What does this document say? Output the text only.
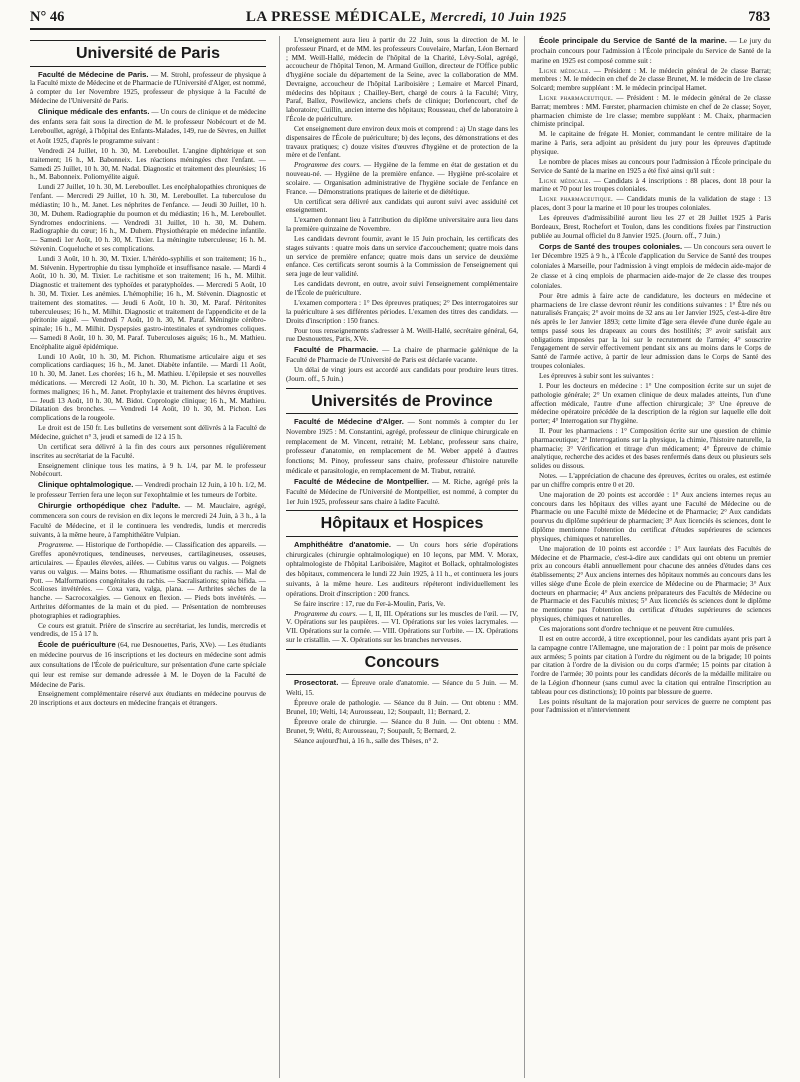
N° 46	LA PRESSE MÉDICALE, Mercredi, 10 Juin 1925	783
Université de Paris

Faculté de Médecine de Paris. — M. Strohl, professeur de physique à la Faculté mixte de Médecine et de Pharmacie de l'Université d'Alger, est nommé, à compter du 1er Novembre 1925, professeur de physique à la Faculté de Médecine de l'Université de Paris.

Clinique médicale des enfants. — Un cours de clinique et de médecine des enfants sera fait sous la direction de M. le professeur Nobécourt et de M. Lereboullet, agrégé, à l'hôpital des Enfants-Malades, 149, rue de Sèvres, en Juillet et Août 1925, d'après le programme suivant :

Vendredi 24 Juillet, 10 h. 30, M. Lereboullet. L'angine diphtérique et son traitement; 16 h., M. Babonneix. Les réactions méningées chez l'enfant. — Samedi 25 Juillet, 10 h. 30, M. Nadal. Diagnostic et traitement des pleurésies; 16 h., M. Babonneix. Poliomyélite aiguë.

Lundi 27 Juillet, 10 h. 30, M. Lereboullet. Les encéphalopathies chroniques de l'enfant. — Mercredi 29 Juillet, 10 h. 30, M. Lereboullet. La tuberculose du médiastin; 10 h., M. Janet. Les néphrites de l'enfance. — Jeudi 30 Juillet, 10 h. 30, M. Duhem. Radiographie du poumon et du médiastin; 16 h., M. Lereboullet. Syndromes endocriniens. — Vendredi 31 Juillet, 10 h. 30, M. Duhem. Radiographie du cœur; 16 h., M. Duhem. Physiothérapie en médecine infantile. — Samedi 1er Août, 10 h. 30, M. Tixier. La méningite tuberculeuse; 16 h. M. Stévenin. Coqueluche et ses complications.

Lundi 3 Août, 10 h. 30, M. Tixier. L'hérédo-syphilis et son traitement; 16 h., M. Stévenin. Hypertrophie du tissu lymphoïde et insuffisance nasale. — Mardi 4 Août, 10 h. 30, M. Tixier. Le rachitisme et son traitement; 16 h., M. Milhit. Diagnostic et traitement des typhoïdes et paratyphoïdes. — Mercredi 5 Août, 10 h. 30, M. Tixier. Les anémies. L'hémophilie; 16 h., M. Stévenin. Diagnostic et traitement des stomatites. — Jeudi 6 Août, 10 h. 30, M. Paraf. Péritonites tuberculeuses; 16 h., M. Milhit. Diagnostic et traitement de l'appendicite et de la péritonite aiguë. — Vendredi 7 Août, 10 h. 30, M. Paraf. Méningite cérébro-spinale; 16 h., M. Milhit. Dyspepsies gastro-intestinales et syndromes coliques. — Samedi 8 Août, 10 h. 30, M. Paraf. Tuberculoses aiguës; 16 h., M. Mathieu. Encéphalite aiguë épidémique.

Lundi 10 Août, 10 h. 30, M. Pichon. Rhumatisme articulaire aigu et ses complications cardiaques; 16 h., M. Janet. Diabète infantile. — Mardi 11 Août, 10 h. 30, M. Janet. Les chorées; 16 h., M. Mathieu. L'épilepsie et ses nouvelles médications. — Mercredi 12 Août, 10 h. 30, M. Pichon. La scarlatine et ses formes malignes; 16 h., M. Janet. Prophylaxie et traitement des hèvres éruptives. — Jeudi 13 Août, 10 h. 30, M. Bidot. Coprologie clinique; 16 h., M. Mathieu. Dilatation des bronches. — Vendredi 14 Août, 10 h. 30, M. Pichon. Les complications de la rougeole.

Le droit est de 150 fr. Les bulletins de versement sont délivrés à la Faculté de Médecine, guichet n° 3, jeudi et samedi de 12 à 15 h.

Un certificat sera délivré à la fin des cours aux personnes régulièrement inscrites au secrétariat de la Faculté.

Enseignement clinique tous les matins, à 9 h. 1/4, par M. le professeur Nobécourt.

Clinique ophtalmologique. — Vendredi prochain 12 Juin, à 10 h. 1/2, M. le professeur Terrien fera une leçon sur l'exophtalmie et les tumeurs de l'orbite.

Chirurgie orthopédique chez l'adulte. — M. Mauclaire, agrégé, commencera son cours de revision en dix leçons le mercredi 24 Juin, à 3 h., à la Faculté de Médecine, et il le continuera les vendredis, lundis et mercredis suivants, à la même heure, à l'amphithéâtre Vulpian.

Programme. — Historique de l'orthopédie. — Classification des appareils. — Greffes aponévrotiques, tendineuses, nerveuses, cartilagineuses, osseuses, articulaires. — Épaules élevées, ailées. — Cubitus varus ou valgus. — Poignets varus ou valgus. — Mains botes. — Rhumatisme ossifiant du rachis. — Mal de Pott. — Malformations congénitales du rachis. — Sacralisations; spina bifida. — Scolioses invétérées. — Coxa vara, valga, plana. — Arthrites sèches de la hanche. — Sacrocoxalgies. — Genoux en flexion. — Pieds bots invétérés. — Arthrites déformantes de la main et du pied. — Présentation de nombreuses photographies et radiographies.

Ce cours est gratuit. Prière de s'inscrire au secrétariat, les lundis, mercredis et vendredis, de 15 à 17 h.

École de puériculture (64, rue Desnouettes, Paris, XVe). — Les étudiants en médecine pourvus de 16 inscriptions et les docteurs en médecine sont admis aux consultations de l'École de puériculture, sur présentation d'une carte spéciale qui leur est remise sur demande adressée à M. le Doyen de la Faculté de Médecine de Paris.

Enseignement complémentaire réservé aux étudiants en médecine pourvus de 20 inscriptions et aux docteurs en médecine français et étrangers.

L'enseignement aura lieu à partir du 22 Juin, sous la direction de M. le professeur Pinard, et de MM. les professeurs Couvelaire, Marfan, Léon Bernard ; MM. Weill-Hallé, médecin de l'hôpital de la Charité, Lévy-Solal, agrégé, accoucheur de l'hôpital Tenon, M. Armand Guillon, directeur de l'Office public d'hygiène sociale du département de la Seine, avec la collaboration de MM. Devraigne, accoucheur de l'hôpital Lariboisière ; Lemaire et Marcel Pinard, médecins des hôpitaux ; Chailley-Bert, chargé de cours à la Faculté; Vitry, Paraf, Ballez, Powilewicz, anciens chefs de clinique; Dorlencourt, chef de laboratoire; Cuillin, ancien interne des hôpitaux; Rousseau, chef de laboratoire à l'École de puériculture.

Cet enseignement dure environ deux mois et comprend : a) Un stage dans les dispensaires de l'École de puériculture; b) des leçons, des démonstrations et des travaux pratiques; c) douze visites d'œuvres d'hygiène et de protection de la mère et de l'enfant.

Programme des cours. — Hygiène de la femme en état de gestation et du nouveau-né. — Hygiène de la première enfance. — Hygiène pré-scolaire et scolaire. — Organisation administrative de l'hygiène sociale de l'enfance en France. — Démonstrations pratiques de laiterie et de diététique.

Un certificat sera délivré aux candidats qui auront suivi avec assiduité cet enseignement.

L'examen donnant lieu à l'attribution du diplôme universitaire aura lieu dans la première quinzaine de Novembre.

Les candidats devront fournir, avant le 15 Juin prochain, les certificats des stages suivants : quatre mois dans un service d'accouchement; quatre mois dans un service de première enfance; quatre mois dans un service de deuxième enfance. Ces certificats seront soumis à la Commission de l'enseignement qui sera juge de leur validité.

Les candidats devront, en outre, avoir suivi l'enseignement complémentaire de l'École de puériculture.

L'examen comportera : 1° Des épreuves pratiques; 2° Des interrogatoires sur la puériculture à ses différentes périodes. L'examen des titres des candidats. — Droits d'inscription : 150 francs.

Pour tous renseignements s'adresser à M. Weill-Hallé, secrétaire général, 64, rue Desnouettes, Paris, XVe.

Faculté de Pharmacie. — La chaire de pharmacie galénique de la Faculté de Pharmacie de l'Université de Paris est déclarée vacante.

Un délai de vingt jours est accordé aux candidats pour produire leurs titres. (Journ. off., 5 Juin.)

Universités de Province

Faculté de Médecine d'Alger. — Sont nommés à compter du 1er Novembre 1925 : M. Constantini, agrégé, professeur de clinique chirurgicale en remplacement de M. Vincent, retraité; M. Leblanc, professeur sans chaire, professeur d'anatomie, en remplacement de M. Weber appelé à d'autres fonctions; M. Pinoy, professeur sans chaire, professeur d'histoire naturelle médicale et parasitologie, en remplacement de M. Trabut, retraité.

Faculté de Médecine de Montpellier. — M. Riche, agrégé près la Faculté de Médecine de l'Université de Montpellier, est nommé, à compter du 1er Juin 1925, professeur sans chaire à ladite Faculté.

Hôpitaux et Hospices

Amphithéâtre d'anatomie. — Un cours hors série d'opérations chirurgicales (chirurgie ophtalmologique) en 10 leçons, par MM. V. Morax, ophtalmologiste de l'hôpital Lariboisière, Magitot et Bollack, ophtalmologistes des hôpitaux, commencera le lundi 22 Juin 1925, à 11 h., et continuera les jours suivants, à la même heure. Les auditeurs répéteront individuellement les opérations. Droit d'inscription : 200 francs.

Se faire inscrire : 17, rue du Fer-à-Moulin, Paris, Ve.

Programme du cours. — I, II, III. Opérations sur les muscles de l'œil. — IV, V. Opérations sur les paupières. — VI. Opérations sur les voies lacrymales. — VII. Opérations sur la cornée. — VIII. Opérations sur l'orbite. — IX. Opérations sur le cristallin. — X. Opérations sur les branches nerveuses.

Concours

Prosectorat. — Épreuve orale d'anatomie. — Séance du 5 Juin. — M. Welti, 15.

Épreuve orale de pathologie. — Séance du 8 Juin. — Ont obtenu : MM. Brunel, 10; Welti, 14; Aurousseau, 12; Soupault, 11; Bernard, 2.

Épreuve orale de chirurgie. — Séance du 8 Juin. — Ont obtenu : MM. Brunet, 9; Welti, 8; Aurousseau, 7; Soupault, 5; Bernard, 2.

Séance aujourd'hui, à 16 h., salle des Thèses, n° 2.

École principale du Service de Santé de la marine. — Le jury du prochain concours pour l'admission à l'École principale du Service de Santé de la marine en 1925 est composé comme suit :

Ligne médicale. — Président : M. le médecin général de 2e classe Barrat; membres : M. le médecin en chef de 2e classe Brunet, M. le médecin de 1re classe Solcard; membre suppléant : M. le médecin principal Hamet.

Ligne pharmaceutique. — Président : M. le médecin général de 2e classe Barrat; membres : MM. Fœrster, pharmacien chimiste en chef de 2e classe; Soyer, pharmacien chimiste de 1re classe; membre suppléant : M. Chaix, pharmacien chimiste principal.

M. le capitaine de frégate H. Monier, commandant le centre militaire de la marine à Paris, sera adjoint au président du jury pour les épreuves d'aptitude physique.

Le nombre de places mises au concours pour l'admission à l'École principale du Service de Santé de la marine en 1925 a été fixé ainsi qu'il suit :

Ligne médicale. — Candidats à 4 inscriptions : 88 places, dont 18 pour la marine et 70 pour les troupes coloniales.

Ligne pharmaceutique. — Candidats munis de la validation de stage : 13 places, dont 3 pour la marine et 10 pour les troupes coloniales.

Les épreuves d'admissibilité auront lieu les 27 et 28 Juillet 1925 à Paris Bordeaux, Brest, Rochefort et Toulon, dans les conditions fixées par l'instruction publiée au Journal officiel du 8 Janvier 1925. (Journ. off., 7 Juin.)

Corps de Santé des troupes coloniales. — Un concours sera ouvert le 1er Décembre 1925 à 9 h., à l'École d'application du Service de Santé des troupes coloniales à Marseille, pour l'admission à vingt emplois de médecin aide-major de 2e classe et à cinq emplois de pharmacien aide-major de 2e classe des troupes coloniales.

Pour être admis à faire acte de candidature, les docteurs en médecine et pharmaciens de 1re classe devront réunir les conditions suivantes : 1° Être nés ou naturalisés Français; 2° avoir moins de 32 ans au 1er Janvier 1925, c'est-à-dire être nés après le 1er Janvier 1893; cette limite d'âge sera élevée d'une durée égale au temps passé sous les drapeaux au cours des hostilités; 3° avoir satisfait aux obligations imposées par la loi sur le recrutement de l'armée; 4° souscrire l'engagement de servir effectivement pendant six ans au moins dans le Corps de Santé de l'armée active, à partir de leur admission dans le Corps de Santé des troupes coloniales.

Les épreuves à subir sont les suivantes :

I. Pour les docteurs en médecine : 1° Une composition écrite sur un sujet de pathologie générale; 2° Un examen clinique de deux malades atteints, l'un d'une affection médicale, l'autre d'une affection chirurgicale; 3° Une épreuve de médecine opératoire précédée de la description de la région sur laquelle elle doit porter; 4° Interrogation sur l'hygiène.

II. Pour les pharmaciens : 1° Composition écrite sur une question de chimie pharmaceutique; 2° Interrogations sur la physique, la chimie, l'histoire naturelle, la pharmacie; 3° Vérification et titrage d'un médicament; 4° Épreuve de chimie analytique, recherche des acides et des bases renfermés dans deux ou plusieurs sels solides ou dissous.

Notes. — L'appréciation de chacune des épreuves, écrites ou orales, est estimée par un chiffre compris entre 0 et 20.

Une majoration de 20 points est accordée : 1° Aux anciens internes reçus au concours dans les hôpitaux des villes ayant une Faculté de Médecine ou de Pharmacie ou une Faculté mixte de Médecine et de Pharmacie; 2° Aux candidats pourvus du diplôme supérieur de pharmacien; 3° Aux licenciés ès sciences, dont le diplôme mentionne l'obtention du certificat d'études supérieures de sciences physiques, chimiques et naturelles.

Une majoration de 10 points est accordée : 1° Aux lauréats des Facultés de Médecine et de Pharmacie, c'est-à-dire aux candidats qui ont obtenu un premier prix au concours établi annuellement pour chacune des années d'études dans ces établissements; 2° Aux anciens internes des hôpitaux nommés au concours dans les villes siège d'une École de plein exercice de Médecine ou de Pharmacie; 3° Aux docteurs en pharmacie; 4° Aux anciens préparateurs des Facultés de Médecine ou de Pharmacie et des Facultés mixtes; 5° Aux licenciés ès sciences dont le diplôme ne mentionne pas l'obtention du certificat d'études supérieures de sciences physiques, chimiques et naturelles.

Ces majorations sont d'ordre technique et ne peuvent être cumulées.

Il est en outre accordé, à titre exceptionnel, pour les candidats ayant pris part à la campagne contre l'Allemagne, une majoration de : 1 point par mois de présence aux armées; 5 points par citation à l'ordre du régiment ou de la brigade; 10 points par citation à l'ordre de la division ou du corps d'armée; 15 points par citation à l'ordre de l'armée; 30 points pour les candidats décorés de la médaille militaire ou de la Légion d'honneur (sans cumul avec la citation qui entraîne l'inscription au tableau pour ces distinctions); 10 points par blessure de guerre.

Les points résultant de la majoration pour services de guerre ne comptent pas pour l'admission et n'interviennent
